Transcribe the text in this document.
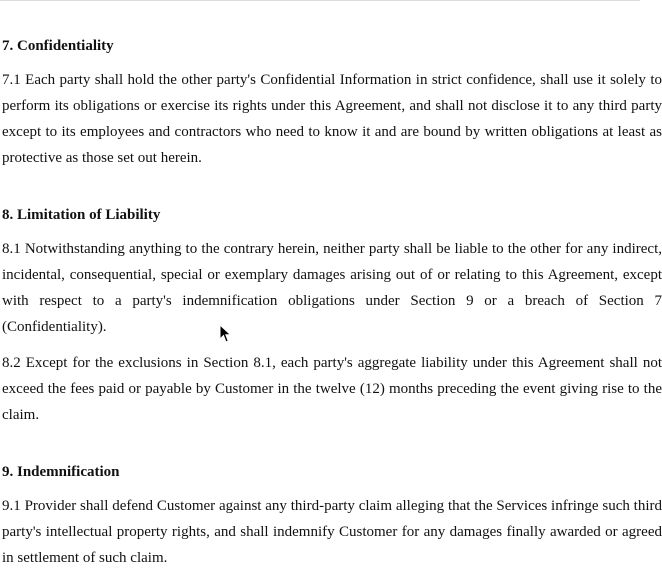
7. Confidentiality

7.1 Each party shall hold the other party's Confidential Information in strict confidence, shall use it solely to perform its obligations or exercise its rights under this Agreement, and shall not disclose it to any third party except to its employees and contractors who need to know it and are bound by written obligations at least as protective as those set out herein.

8. Limitation of Liability

8.1 Notwithstanding anything to the contrary herein, neither party shall be liable to the other for any indirect, incidental, consequential, special or exemplary damages arising out of or relating to this Agreement, except with respect to a party's indemnification obligations under Section 9 or a breach of Section 7 (Confidentiality).

8.2 Except for the exclusions in Section 8.1, each party's aggregate liability under this Agreement shall not exceed the fees paid or payable by Customer in the twelve (12) months preceding the event giving rise to the claim.

9. Indemnification

9.1 Provider shall defend Customer against any third-party claim alleging that the Services infringe such third party's intellectual property rights, and shall indemnify Customer for any damages finally awarded or agreed in settlement of such claim.
